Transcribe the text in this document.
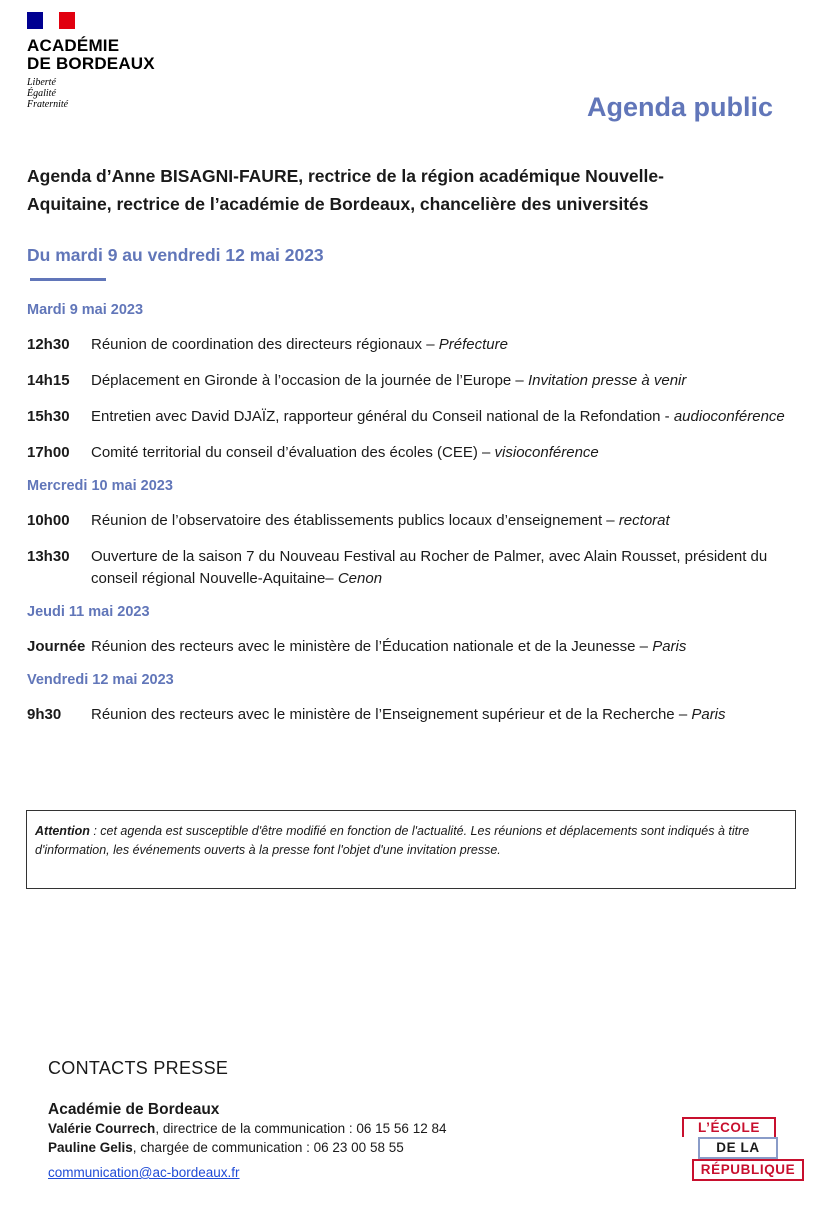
ACADÉMIE
DE BORDEAUX
Liberté
Égalité
Fraternité	Agenda public
Agenda d’Anne BISAGNI-FAURE, rectrice de la région académique Nouvelle-Aquitaine, rectrice de l’académie de Bordeaux, chancelière des universités
Du mardi 9 au vendredi 12 mai 2023
Mardi 9 mai 2023
12h30	Réunion de coordination des directeurs régionaux – Préfecture
14h15	Déplacement en Gironde à l’occasion de la journée de l’Europe – Invitation presse à venir
15h30	Entretien avec David DJAÏZ, rapporteur général du Conseil national de la Refondation - audioconférence
17h00	Comité territorial du conseil d’évaluation des écoles (CEE) – visioconférence
Mercredi 10 mai 2023
10h00	Réunion de l’observatoire des établissements publics locaux d’enseignement – rectorat
13h30	Ouverture de la saison 7 du Nouveau Festival au Rocher de Palmer, avec Alain Rousset, président du conseil régional Nouvelle-Aquitaine– Cenon
Jeudi 11 mai 2023
Journée Réunion des recteurs avec le ministère de l’Éducation nationale et de la Jeunesse – Paris
Vendredi 12 mai 2023
9h30	Réunion des recteurs avec le ministère de l’Enseignement supérieur et de la Recherche – Paris
Attention : cet agenda est susceptible d'être modifié en fonction de l'actualité. Les réunions et déplacements sont indiqués à titre d'information, les événements ouverts à la presse font l'objet d'une invitation presse.
CONTACTS PRESSE
Académie de Bordeaux
Valérie Courrech, directrice de la communication : 06 15 56 12 84
Pauline Gelis, chargée de communication : 06 23 00 58 55
communication@ac-bordeaux.fr
L’ÉCOLE
DE LA
RÉPUBLIQUE
